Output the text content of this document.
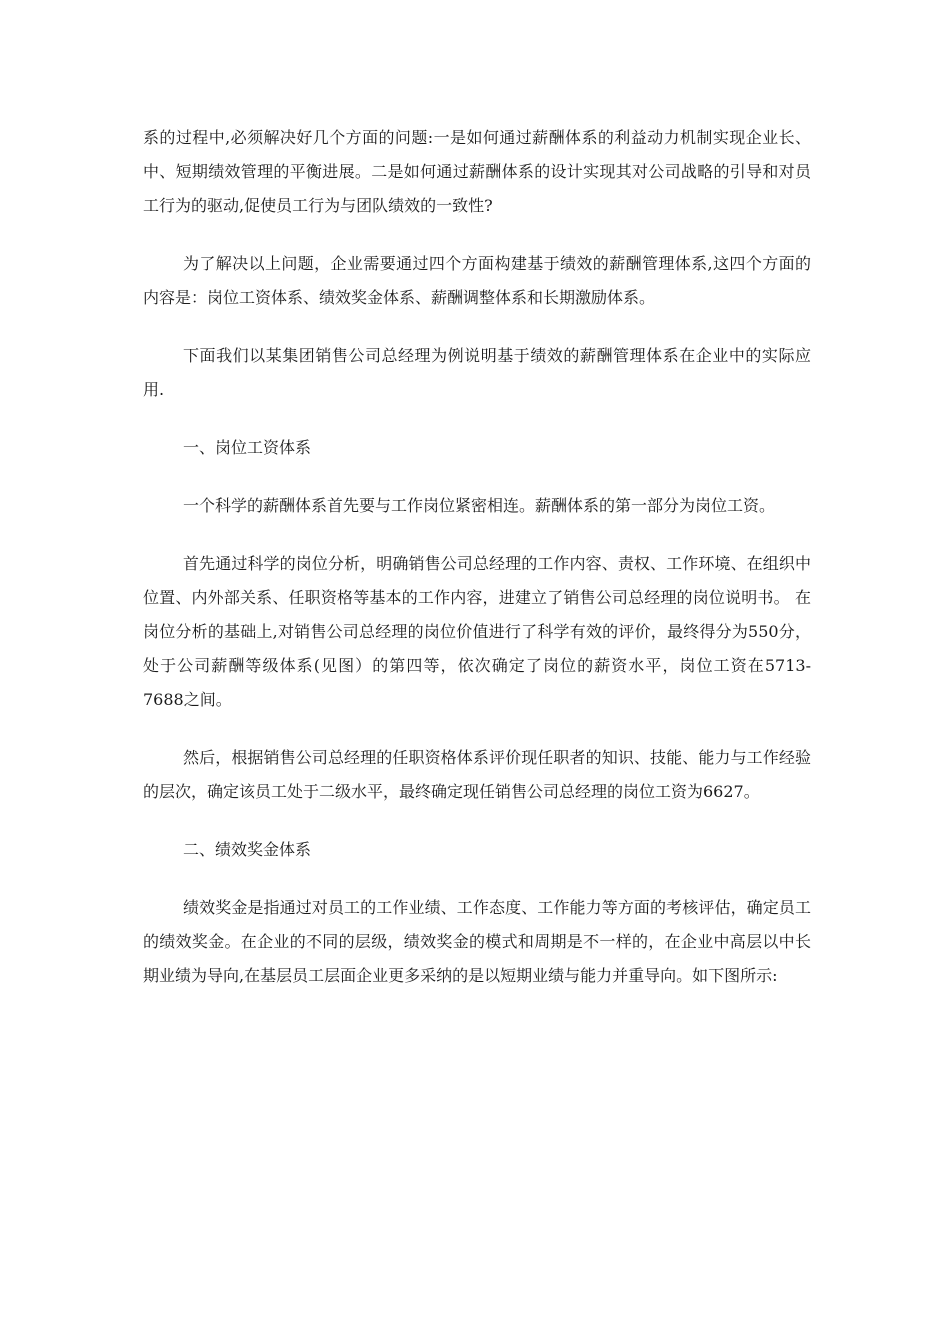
系的过程中,必须解决好几个方面的问题:一是如何通过薪酬体系的利益动力机制实现企业长、中、短期绩效管理的平衡进展。二是如何通过薪酬体系的设计实现其对公司战略的引导和对员工行为的驱动,促使员工行为与团队绩效的一致性?

为了解决以上问题，企业需要通过四个方面构建基于绩效的薪酬管理体系,这四个方面的内容是：岗位工资体系、绩效奖金体系、薪酬调整体系和长期激励体系。

下面我们以某集团销售公司总经理为例说明基于绩效的薪酬管理体系在企业中的实际应用.

一、岗位工资体系

一个科学的薪酬体系首先要与工作岗位紧密相连。薪酬体系的第一部分为岗位工资。

首先通过科学的岗位分析，明确销售公司总经理的工作内容、责权、工作环境、在组织中位置、内外部关系、任职资格等基本的工作内容，进建立了销售公司总经理的岗位说明书。 在岗位分析的基础上,对销售公司总经理的岗位价值进行了科学有效的评价，最终得分为550分，处于公司薪酬等级体系(见图）的第四等，依次确定了岗位的薪资水平，岗位工资在5713-7688之间。

然后，根据销售公司总经理的任职资格体系评价现任职者的知识、技能、能力与工作经验的层次，确定该员工处于二级水平，最终确定现任销售公司总经理的岗位工资为6627。

二、绩效奖金体系

绩效奖金是指通过对员工的工作业绩、工作态度、工作能力等方面的考核评估，确定员工的绩效奖金。在企业的不同的层级，绩效奖金的模式和周期是不一样的，在企业中高层以中长期业绩为导向,在基层员工层面企业更多采纳的是以短期业绩与能力并重导向。如下图所示:
